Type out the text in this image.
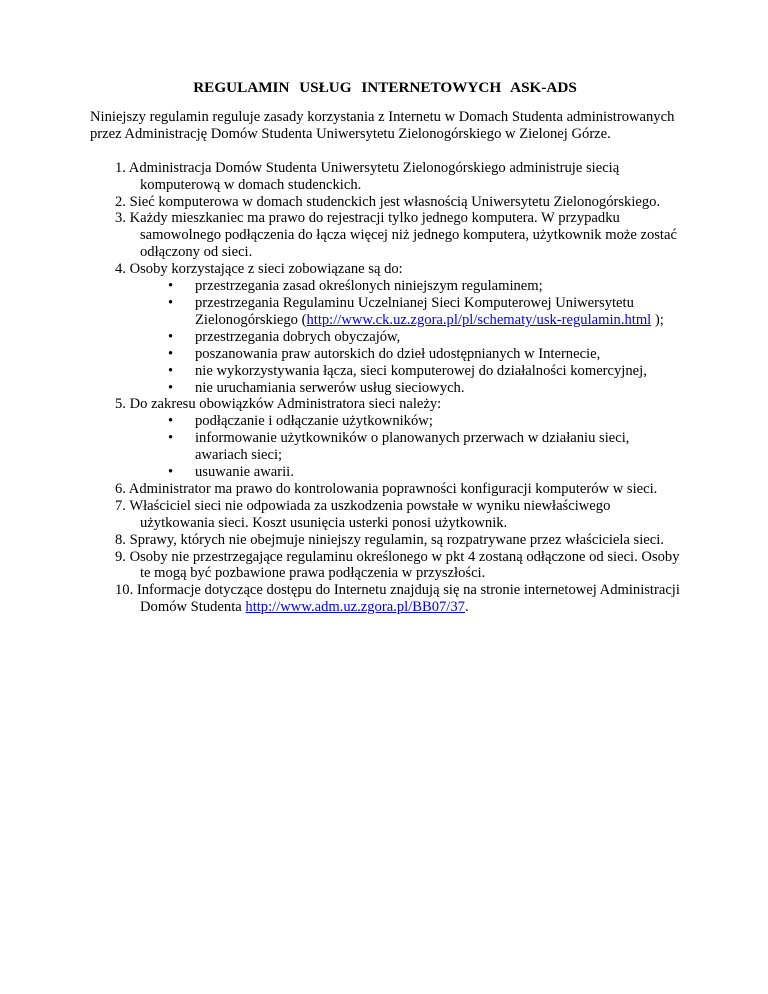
REGULAMIN USŁUG INTERNETOWYCH ASK-ADS
Niniejszy regulamin reguluje zasady korzystania z Internetu w Domach Studenta administrowanych przez Administrację Domów Studenta Uniwersytetu Zielonogórskiego w Zielonej Górze.
1. Administracja Domów Studenta Uniwersytetu Zielonogórskiego administruje siecią komputerową w domach studenckich.
2. Sieć komputerowa w domach studenckich jest własnością Uniwersytetu Zielonogórskiego.
3. Każdy mieszkaniec ma prawo do rejestracji tylko jednego komputera. W przypadku samowolnego podłączenia do łącza więcej niż jednego komputera, użytkownik może zostać odłączony od sieci.
4. Osoby korzystające z sieci zobowiązane są do:
• przestrzegania zasad określonych niniejszym regulaminem;
• przestrzegania Regulaminu Uczelnianej Sieci Komputerowej Uniwersytetu Zielonogórskiego (http://www.ck.uz.zgora.pl/pl/schematy/usk-regulamin.html );
• przestrzegania dobrych obyczajów,
• poszanowania praw autorskich do dzieł udostępnianych w Internecie,
• nie wykorzystywania łącza, sieci komputerowej do działalności komercyjnej,
• nie uruchamiania serwerów usług sieciowych.
5. Do zakresu obowiązków Administratora sieci należy:
• podłączanie i odłączanie użytkowników;
• informowanie użytkowników o planowanych przerwach w działaniu sieci, awariach sieci;
• usuwanie awarii.
6. Administrator ma prawo do kontrolowania poprawności konfiguracji komputerów w sieci.
7. Właściciel sieci nie odpowiada za uszkodzenia powstałe w wyniku niewłaściwego użytkowania sieci. Koszt usunięcia usterki ponosi użytkownik.
8. Sprawy, których nie obejmuje niniejszy regulamin, są rozpatrywane przez właściciela sieci.
9. Osoby nie przestrzegające regulaminu określonego w pkt 4 zostaną odłączone od sieci. Osoby te mogą być pozbawione prawa podłączenia w przyszłości.
10. Informacje dotyczące dostępu do Internetu znajdują się na stronie internetowej Administracji Domów Studenta http://www.adm.uz.zgora.pl/BB07/37.
